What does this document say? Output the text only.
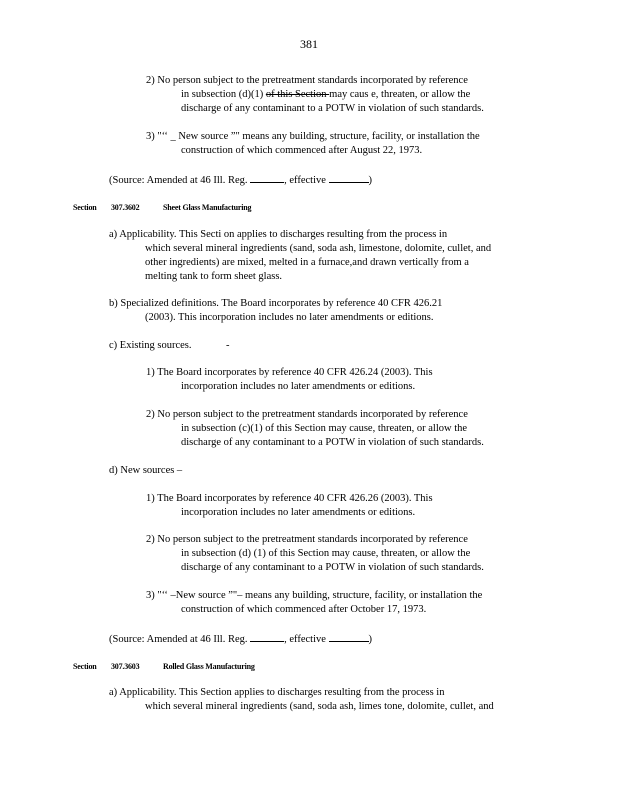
381
2) No person subject to the pretreatment standards incorporated by reference
in subsection (d)(1) of this Section may caus e, threaten, or allow the
discharge of any contaminant to a POTW in violation of such standards.
3) "‘‘ _ New source ”" means any building, structure, facility, or installation the
construction of which commenced after August 22, 1973.
(Source: Amended at 46 Ill. Reg.	, effective	)
Section 307.3602	Sheet Glass Manufacturing
a) Applicability. This Secti on applies to discharges resulting from the process in
which several mineral ingredients (sand, soda ash, limestone, dolomite, cullet, and
other ingredients) are mixed, melted in a furnace,and drawn vertically from a
melting tank to form sheet glass.
b) Specialized definitions. The Board incorporates by reference 40 CFR 426.21
(2003). This incorporation includes no later amendments or editions.
c) Existing sources.	-
1) The Board incorporates by reference 40 CFR 426.24 (2003). This
incorporation includes no later amendments or editions.
2) No person subject to the pretreatment standards incorporated by reference
in subsection (c)(1) of this Section may cause, threaten, or allow the
discharge of any contaminant to a POTW in violation of such standards.
d) New sources –
1) The Board incorporates by reference 40 CFR 426.26 (2003). This
incorporation includes no later amendments or editions.
2) No person subject to the pretreatment standards incorporated by reference
in subsection (d) (1) of this Section may cause, threaten, or allow the
discharge of any contaminant to a POTW in violation of such standards.
3) "‘‘ –New source ”"– means any building, structure, facility, or installation the
construction of which commenced after October 17, 1973.
(Source: Amended at 46 Ill. Reg.	, effective	)
Section 307.3603	Rolled Glass Manufacturing
a) Applicability. This Section applies to discharges resulting from the process in
which several mineral ingredients (sand, soda ash, limes tone, dolomite, cullet, and
